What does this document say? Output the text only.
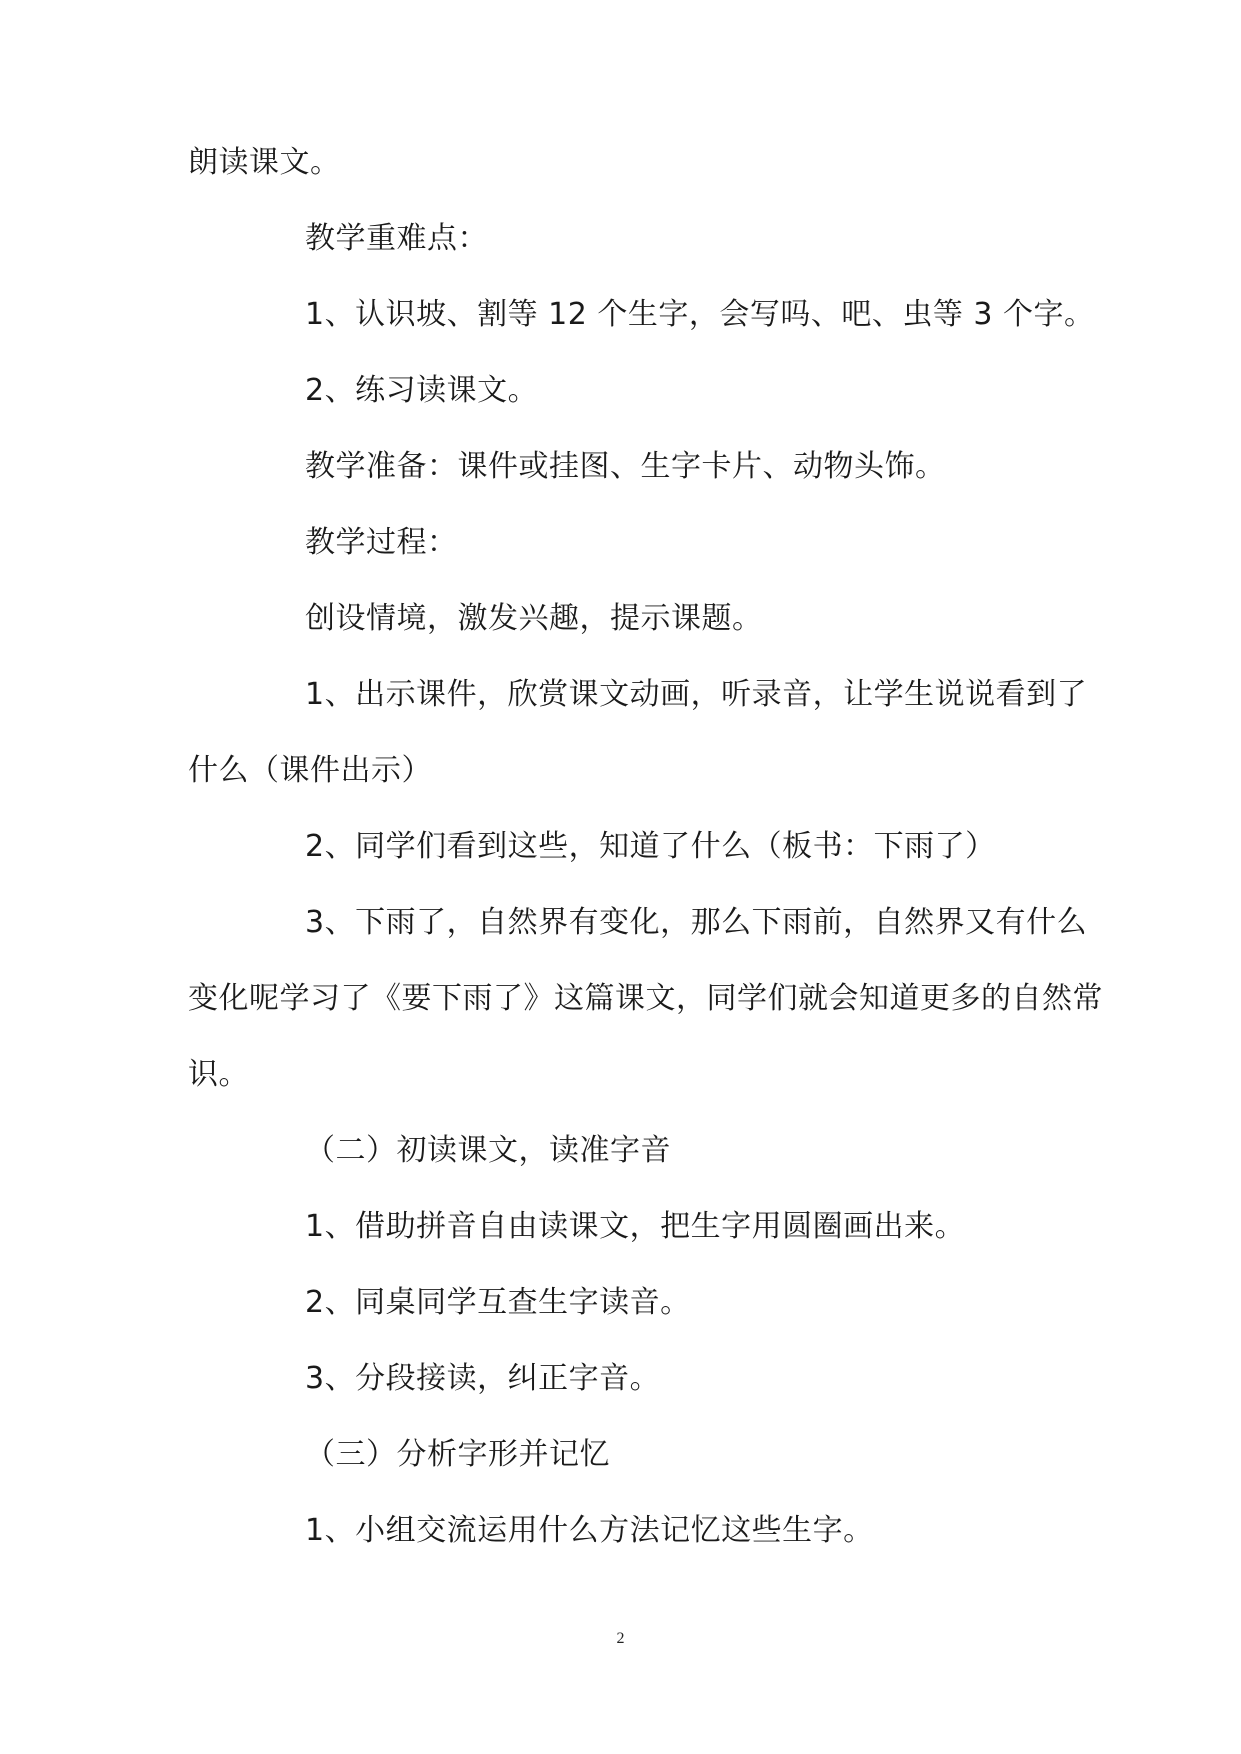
朗读课文。
教学重难点：
1、认识坡、割等 12 个生字，会写吗、吧、虫等 3 个字。
2、练习读课文。
教学准备：课件或挂图、生字卡片、动物头饰。
教学过程：
创设情境，激发兴趣，提示课题。
1、出示课件，欣赏课文动画，听录音，让学生说说看到了
什么（课件出示）
2、同学们看到这些，知道了什么（板书：下雨了）
3、下雨了，自然界有变化，那么下雨前，自然界又有什么
变化呢学习了《要下雨了》这篇课文，同学们就会知道更多的自然常
识。
（二）初读课文，读准字音
1、借助拼音自由读课文，把生字用圆圈画出来。
2、同桌同学互查生字读音。
3、分段接读，纠正字音。
（三）分析字形并记忆
1、小组交流运用什么方法记忆这些生字。
2
